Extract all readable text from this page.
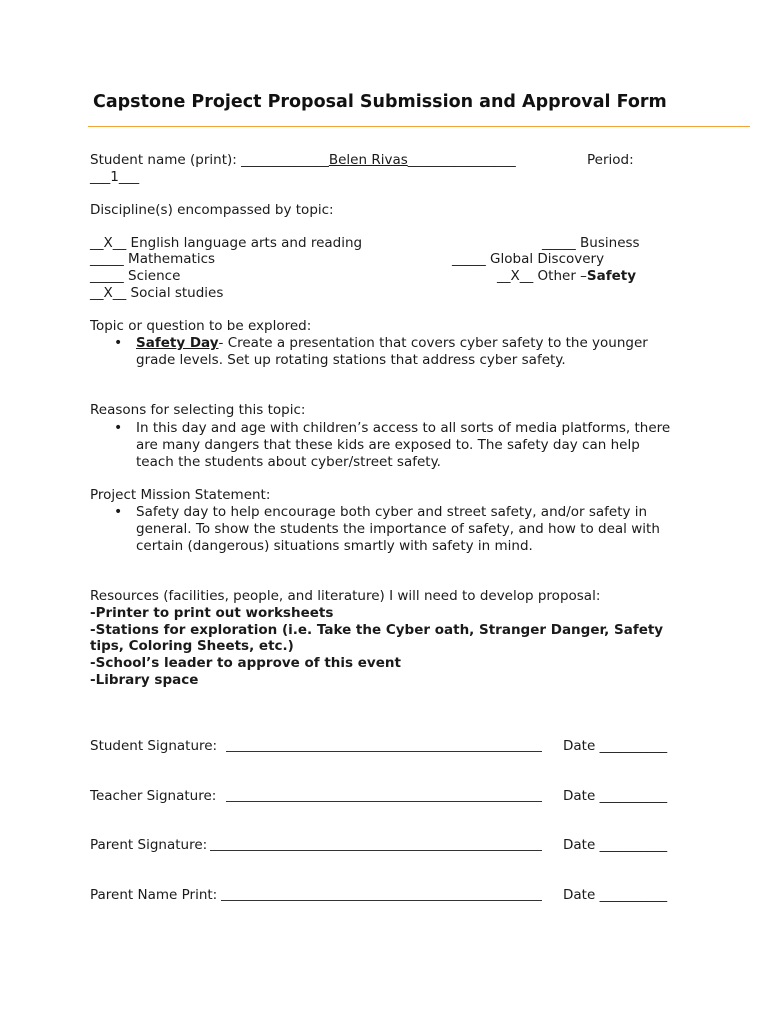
Capstone Project Proposal Submission and Approval Form
Student name (print): _____________Belen Rivas________________	Period:
___1___
Discipline(s) encompassed by topic:
__X__ English language arts and reading	_____ Business
_____ Mathematics	_____ Global Discovery
_____ Science	__X__ Other –Safety
__X__ Social studies
Topic or question to be explored:
• Safety Day- Create a presentation that covers cyber safety to the younger grade levels. Set up rotating stations that address cyber safety.
Reasons for selecting this topic:
• In this day and age with children’s access to all sorts of media platforms, there are many dangers that these kids are exposed to. The safety day can help teach the students about cyber/street safety.
Project Mission Statement:
• Safety day to help encourage both cyber and street safety, and/or safety in general. To show the students the importance of safety, and how to deal with certain (dangerous) situations smartly with safety in mind.
Resources (facilities, people, and literature) I will need to develop proposal:
-Printer to print out worksheets
-Stations for exploration (i.e. Take the Cyber oath, Stranger Danger, Safety
tips, Coloring Sheets, etc.)
-School’s leader to approve of this event
-Library space
Student Signature:	Date __________
Teacher Signature:	Date __________
Parent Signature:	Date __________
Parent Name Print:	Date __________
